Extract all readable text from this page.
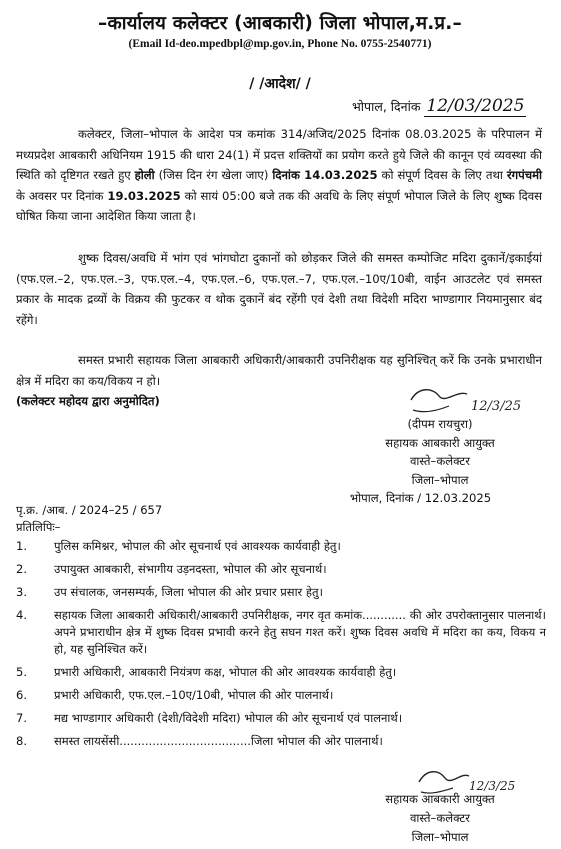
–कार्यालय कलेक्टर (आबकारी) जिला भोपाल,म.प्र.–
(Email Id-deo.mpedbpl@mp.gov.in, Phone No. 0755-2540771)
/ /आदेश/ /
भोपाल, दिनांक 12/03/2025
कलेक्टर, जिला–भोपाल के आदेश पत्र कमांक 314/अजिद/2025 दिनांक 08.03.2025 के परिपालन में मध्यप्रदेश आबकारी अधिनियम 1915 की धारा 24(1) में प्रदत्त शक्तियों का प्रयोग करते हुये जिले की कानून एवं व्यवस्था की स्थिति को दृष्टिगत रखते हुए होली (जिस दिन रंग खेला जाए) दिनांक 14.03.2025 को संपूर्ण दिवस के लिए तथा रंगपंचमी के अवसर पर दिनांक 19.03.2025 को सायं 05:00 बजे तक की अवधि के लिए संपूर्ण भोपाल जिले के लिए शुष्क दिवस घोषित किया जाना आदेशित किया जाता है।
शुष्क दिवस/अवधि में भांग एवं भांगघोटा दुकानों को छोड़कर जिले की समस्त कम्पोजिट मदिरा दुकानें/इकाईयां (एफ.एल.–2, एफ.एल.–3, एफ.एल.–4, एफ.एल.–6, एफ.एल.–7, एफ.एल.–10ए/10बी, वाईन आउटलेट एवं समस्त प्रकार के मादक द्रव्यों के विक्रय की फुटकर व थोक दुकानें बंद रहेंगी एवं देशी तथा विदेशी मदिरा भाण्डागार नियमानुसार बंद रहेंगे।
समस्त प्रभारी सहायक जिला आबकारी अधिकारी/आबकारी उपनिरीक्षक यह सुनिश्चित् करें कि उनके प्रभाराधीन क्षेत्र में मदिरा का कय/विकय न हो।
(कलेक्टर महोदय द्वारा अनुमोदित)	12/3/25
(दीपम रायचुरा)
सहायक आबकारी आयुक्त
वास्ते–कलेक्टर
जिला–भोपाल
भोपाल, दिनांक / 12.03.2025
पृ.क्र. /आब. / 2024–25 / 657
प्रतिलिपिः–
1.	पुलिस कमिश्नर, भोपाल की ओर सूचनार्थ एवं आवश्यक कार्यवाही हेतु।
2.	उपायुक्त आबकारी, संभागीय उड़नदस्ता, भोपाल की ओर सूचनार्थ।
3.	उप संचालक, जनसम्पर्क, जिला भोपाल की ओर प्रचार प्रसार हेतु।
4.	सहायक जिला आबकारी अधिकारी/आबकारी उपनिरीक्षक, नगर वृत कमांक............ की ओर उपरोक्तानुसार पालनार्थ। अपने प्रभाराधीन क्षेत्र में शुष्क दिवस प्रभावी करने हेतु सघन गश्त करें। शुष्क दिवस अवधि में मदिरा का कय, विकय न हो, यह सुनिश्चित करें।
5.	प्रभारी अधिकारी, आबकारी नियंत्रण कक्ष, भोपाल की ओर आवश्यक कार्यवाही हेतु।
6.	प्रभारी अधिकारी, एफ.एल.–10ए/10बी, भोपाल की ओर पालनार्थ।
7.	मद्य भाण्डागार अधिकारी (देशी/विदेशी मदिरा) भोपाल की ओर सूचनार्थ एवं पालनार्थ।
8.	समस्त लायसेंसी....................................जिला भोपाल की ओर पालनार्थ।
12/3/25
सहायक आबकारी आयुक्त
वास्ते–कलेक्टर
जिला–भोपाल
